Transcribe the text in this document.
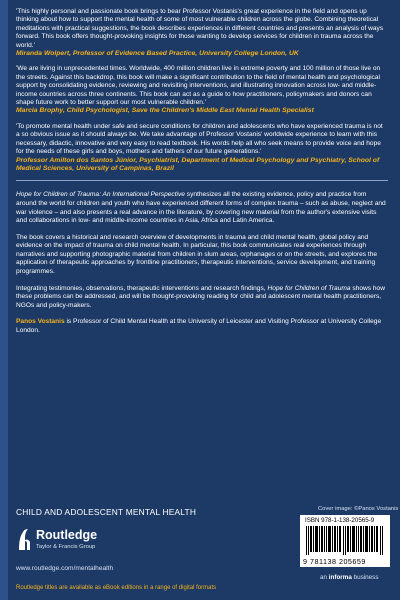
'This highly personal and passionate book brings to bear Professor Vostanis's great experience in the field and opens up thinking about how to support the mental health of some of most vulnerable children across the globe. Combining theoretical meditations with practical suggestions, the book describes experiences in different countries and presents an analysis of ways forward. This book offers thought-provoking insights for those wanting to develop services for children in trauma across the world.'

Miranda Wolpert, Professor of Evidence Based Practice, University College London, UK

'We are living in unprecedented times. Worldwide, 400 million children live in extreme poverty and 100 million of those live on the streets. Against this backdrop, this book will make a significant contribution to the field of mental health and psychological support by consolidating evidence, reviewing and revisiting interventions, and illustrating innovation across low- and middle-income countries across three continents. This book can act as a guide to how practitioners, policymakers and donors can shape future work to better support our most vulnerable children.'

Marcia Brophy, Child Psychologist, Save the Children's Middle East Mental Health Specialist

'To promote mental health under safe and secure conditions for children and adolescents who have experienced trauma is not a so obvious issue as it should always be. We take advantage of Professor Vostanis' worldwide experience to learn with this necessary, didactic, innovative and very easy to read textbook. His words help all who seek means to provide voice and hope for the needs of these girls and boys, mothers and fathers of our future generations.'

Professor Amilton dos Santos Júnior, Psychiatrist, Department of Medical Psychology and Psychiatry, School of Medical Sciences, University of Campinas, Brazil

Hope for Children of Trauma: An International Perspective synthesizes all the existing evidence, policy and practice from around the world for children and youth who have experienced different forms of complex trauma – such as abuse, neglect and war violence – and also presents a real advance in the literature, by covering new material from the author's extensive visits and collaborations in low- and middle-income countries in Asia, Africa and Latin America.

The book covers a historical and research overview of developments in trauma and child mental health, global policy and evidence on the impact of trauma on child mental health. In particular, this book communicates real experiences through narratives and supporting photographic material from children in slum areas, orphanages or on the streets, and explores the application of therapeutic approaches by frontline practitioners, therapeutic interventions, service development, and training programmes.

Integrating testimonies, observations, therapeutic interventions and research findings, Hope for Children of Trauma shows how these problems can be addressed, and will be thought-provoking reading for child and adolescent mental health practitioners, NGOs and policy-makers.

Panos Vostanis is Professor of Child Mental Health at the University of Leicester and Visiting Professor at University College London.

CHILD AND ADOLESCENT MENTAL HEALTH
Routledge
Taylor & Francis Group
www.routledge.com/mentalhealth
Routledge titles are available as eBook editions in a range of digital formats
Cover image: ©Panos Vostanis
ISBN 978-1-138-20565-9
9 781138 205659
an informa business
